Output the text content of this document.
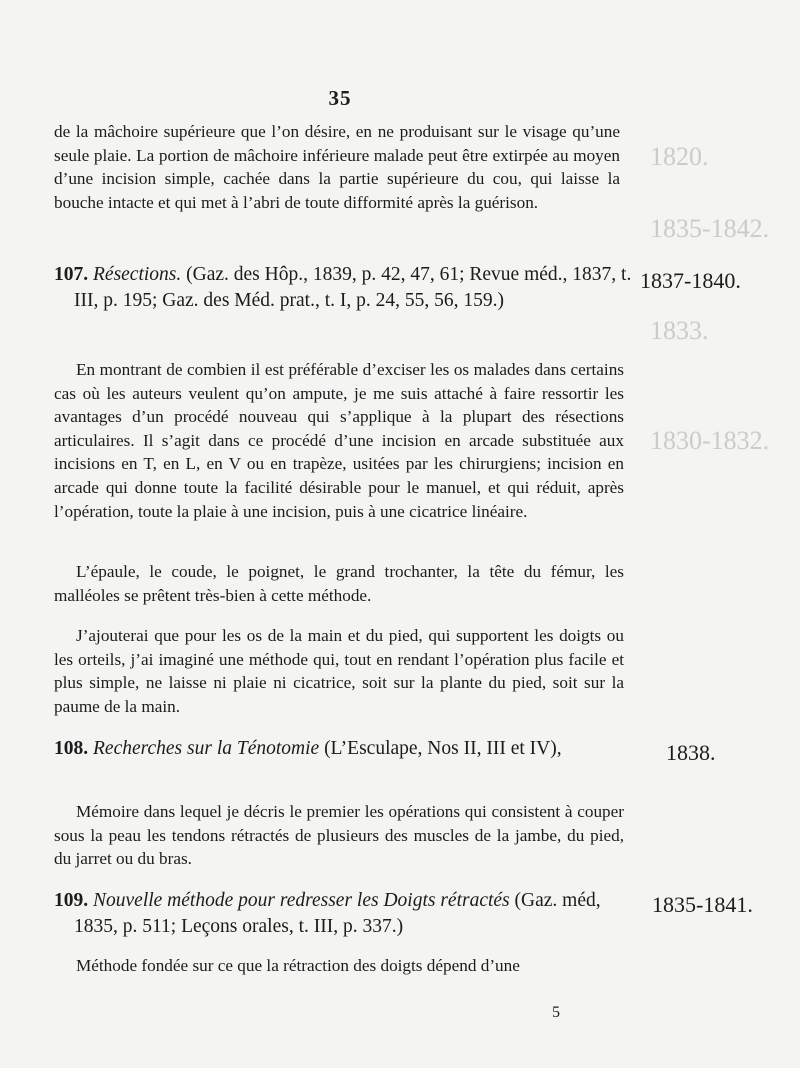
1820.
1835-1842.
1833.
1830-1832.
35

de la mâchoire supérieure que l’on désire, en ne produisant sur le visage qu’une seule plaie. La portion de mâchoire inférieure malade peut être extirpée au moyen d’une incision simple, cachée dans la partie supérieure du cou, qui laisse la bouche intacte et qui met à l’abri de toute difformité après la guérison.

107. Résections. (Gaz. des Hôp., 1839, p. 42, 47, 61; Revue méd., 1837, t. III, p. 195; Gaz. des Méd. prat., t. I, p. 24, 55, 56, 159.)
1837-1840.

En montrant de combien il est préférable d’exciser les os malades dans certains cas où les auteurs veulent qu’on ampute, je me suis attaché à faire ressortir les avantages d’un procédé nouveau qui s’applique à la plupart des résections articulaires. Il s’agit dans ce procédé d’une incision en arcade substituée aux incisions en T, en L, en V ou en trapèze, usitées par les chirurgiens; incision en arcade qui donne toute la facilité désirable pour le manuel, et qui réduit, après l’opération, toute la plaie à une incision, puis à une cicatrice linéaire.

L’épaule, le coude, le poignet, le grand trochanter, la tête du fémur, les malléoles se prêtent très-bien à cette méthode.

J’ajouterai que pour les os de la main et du pied, qui supportent les doigts ou les orteils, j’ai imaginé une méthode qui, tout en rendant l’opération plus facile et plus simple, ne laisse ni plaie ni cicatrice, soit sur la plante du pied, soit sur la paume de la main.

108. Recherches sur la Ténotomie (L’Esculape, Nos II, III et IV),	1838.

Mémoire dans lequel je décris le premier les opérations qui consistent à couper sous la peau les tendons rétractés de plusieurs des muscles de la jambe, du pied, du jarret ou du bras.

109. Nouvelle méthode pour redresser les Doigts rétractés (Gaz. méd, 1835, p. 511; Leçons orales, t. III, p. 337.)
1835-1841.

Méthode fondée sur ce que la rétraction des doigts dépend d’une

5
